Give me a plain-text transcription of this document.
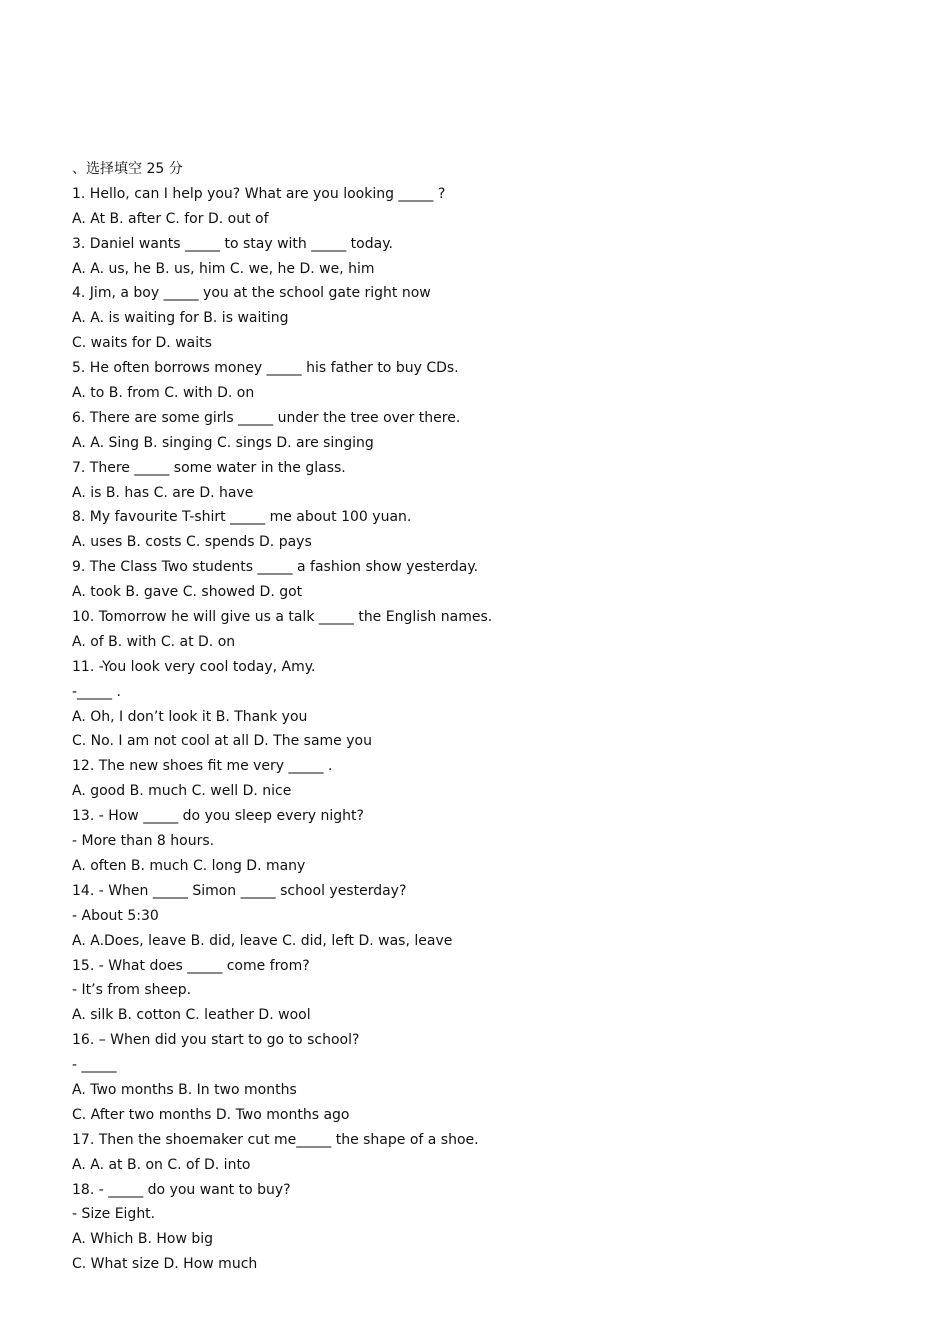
、选择填空 25 分
1. Hello, can I help you? What are you looking _____ ?
A. At B. after C. for D. out of
3. Daniel wants _____ to stay with _____ today.
A. A. us, he B. us, him C. we, he D. we, him
4. Jim, a boy _____ you at the school gate right now
A. A. is waiting for B. is waiting
C. waits for D. waits
5. He often borrows money _____ his father to buy CDs.
A. to B. from C. with D. on
6. There are some girls _____ under the tree over there.
A. A. Sing B. singing C. sings D. are singing
7. There _____ some water in the glass.
A. is B. has C. are D. have
8. My favourite T-shirt _____ me about 100 yuan.
A. uses B. costs C. spends D. pays
9. The Class Two students _____ a fashion show yesterday.
A. took B. gave C. showed D. got
10. Tomorrow he will give us a talk _____ the English names.
A. of B. with C. at D. on
11. -You look very cool today, Amy.
-_____ .
A. Oh, I don’t look it B. Thank you
C. No. I am not cool at all D. The same you
12. The new shoes fit me very _____ .
A. good B. much C. well D. nice
13. - How _____ do you sleep every night?
- More than 8 hours.
A. often B. much C. long D. many
14. - When _____ Simon _____ school yesterday?
- About 5:30
A. A.Does, leave B. did, leave C. did, left D. was, leave
15. - What does _____ come from?
- It’s from sheep.
A. silk B. cotton C. leather D. wool
16. – When did you start to go to school?
- _____
A. Two months B. In two months
C. After two months D. Two months ago
17. Then the shoemaker cut me_____ the shape of a shoe.
A. A. at B. on C. of D. into
18. - _____ do you want to buy?
- Size Eight.
A. Which B. How big
C. What size D. How much
